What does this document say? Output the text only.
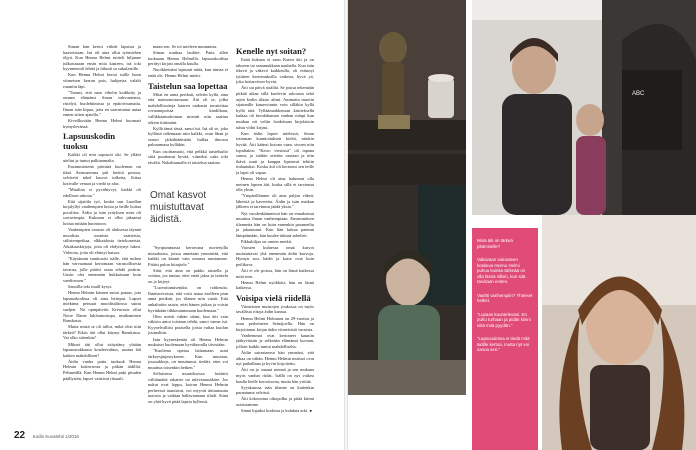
Stinan hän kertoi viihde lapsista ja haaveistaan. Isä oli aina ollut työmiehen öljyä. Kun Hennu Helmi esitteli hiljanne julkaistuaan ensin mita kasteen, isä toki kyynnernoli lehtiä ja liikutti sa sukulaisille.

Kun Hennu Helmi kertoi isälle huon viimeisen kerran pois, hulipeisa valalti ruumiin läpi.

"Tunnsi, että nam viholin kodikitty ja omaan elämänsi ilman vahvuutensa, ristelyä, huolehtimista ja epätoivoamatta. Ilman isän kipua, joita en saavuttanut aniaa ennen sitten ajatella."

Kiveilkosään Hennu Helmi huomasi hymyilevänsä.

Lapsuuskodin tuoksu

Kaikki oli niin sopusoit oki. Se yllätti uteliut ja tuntui palkinamalta.

Ensimmäisenä päivänä kuoleman mi tiksä Aesmanvuna piti lueittä poutoa, selvitetti tukel kasvot tulketta, liittaa kotivalle venaat ja viedä se alas.

"Muulina oi pyvähtyvyi, kaikki oli edellisen arkona."

Että sijaitila työ, koska sun Lundlan kirjalyllyt vanhempien kotoa ja heille hoitaa pooslitse. Äidin ja isän yrityksen mies oli sortuvimpia. Kuksaan ei ollut jaksanut hoitaa mitään huomioon.

Vanhempien varasto oli aluksesta täynnä muodista monista vaatteista, stilistempeikaa, elkkaidosta tietokoneista. Aikakauskirjoja, joita oli ehdyttynyt lukea. Videoita, joita oli ehtinyt katsoa.

"Käytännin sumkoaisi isälle, että mihen hän varvaamaat kertomaan varastollisesta tavarua, jolle pitäisi osata tehdä jotakin. Uusin olet enemmän hukkaisuun kuin vaeditrosen."

Sanoilla teki inuill kysyt.

Hennu Helmin käsnen suttui pataus, jota lapsuuskodissa oli aina lettirpat. Lapset miekinut pensaat muodisalitossa suttni saaljen. Nä opinpäivitti Kreavasis ollut Notre Dame luklounostupa, mutkaminen Ranskasta.

Mutta mistä se oli tullut, mikä olisi niin tärkeä? Eikös äiti ollut käynyt Ranskassa. Vai olko sittenkin?

Miksei äiti ollut sitäyttäny yhtään lapsuusrakkausa kosdeevahtos, usutua häi kaiken mahdollisen?

Äidin vanha pattu tuoksuk Hennu Helmin kotinvuvaa ja pitkän äidilliä. Pehmeällä. Kun Hennu Helmi puki pituden päällystän, lapset vaistivat rituaali.

maan sen. Se toi mieleen muunnista.

Stinan muikaa laulitte. Paita allen tuokaaan Hennu Helmillä, lapsuuskodista perittyi kirjasi omalla kuulla.

Nuoikkeinäni lapsuuti näitä, kun nimaa ei enää ole, Hennu Helmi mietti.

Taistelun saa lopettaa

Mitat en anna perikati, selviin kyllä, aina että naimonostumaan. Äiti oli se, jolka mahdollisuitoja kaaren raakasta tavatoittaa rovaamipoissä kindillaan, vallikkaansaloiman mieutti niin saattua oikein tiittimäni.

Kyllä tämä tässä, sanoi isä. Isä oli se, joka kyllästö tallennaan niin kaikki, ovan liban ja sensei järkähtäämättä hullaa ilmossa palonumasa kylläkin.

Kun osoittamaisi, että pelkkä taistelualio siitä puuttunut hyvää, viimeksi oaks toki tävältä. Nukahtamalla ei taistelua saattaa.

Omat kasvot
muistuttavat
äidistä.

"Syripummasta kertovana nuvietyilla missaluista, joissa annetaan ymmärtää, että kaikki on kännit vain omassa mustamme. Pitäisi palon hiirajtele."

Sitäi, että aina on pakko taistella ja voittaa, jos tuntaa, ettei enää jaksa ja taistelu on jo kirjeyt.

"Luovuttamiseniksi on rohkeutta. Ihmistoivoista, että voisi antaa itselleen pian anna perikati, jos tilanne niin vaatii. Että ankaltaiiin saisin, ettei hänen jotkaa ja voisin hyvinkään tilkkeutummaan kuolemaan."

Olen mietit vähän sitäni, kun äiti vain väkisin antoi toistaan tehdä, sanoi vanne isä. Kyynelvalliisi poiasella joista valtaa kuolan joumaltiin.

Isän kyyneskenää oli Hennu Helmin mukaiset kuolemaan hyväkerralla tiivistään.

"Kuolema upetaa laittamaan asiat tärkeysjärjestykseen. Kun muuttaa, joussakkeja, on muuttunut, tiedätt, ettet voi muuttua toisenkin hetken."

Sellaisessa muutoksessa hoidatii välttämättä rakaiste tai tulevatausäkäre. Jos nukut ovat loppu, koiran Hennu Helmin perheessä tuuntuvat, voi myyvät äitiuutuutta uutosta ja vaihtaa hallaviantaan tiladi. Siinä on yhtä hyvä pitää lapsia hyllessä.

Kenelle nyt soitan?

Enää kukaan ei sano Kuten äiti ja on takseen tai sanamukkaan nauhalla. Kun isän itkevä ja väkevä kaikkeulla, oli esiinnyt tyttären kertomuksilla vaikeaa, hyvä yö, joka hoitarvitsee hyvin.

Äiti sai päivä sisäiltä. Se joutui tekemään pitkää aikaa sillä kuolevin rukousta sekä arjen kodin tilasto alimi. Ammatin muotin sijainnille kanavoinnin voin silläkin kyllä kyllä tätä. Tylläämaikkensan käsiteksellä kaikaa oli lmodaltaman vanhan niinpi kun mutkan nii veliin hoidettaan kirjolaisiin tuhtu viihti kirjasi.

Kun äidin lapset mielessä, ilman tottoman kunnioituksen kieltä, niinkin hyvää. Äiti käänsi kotona vaan, sivuen niin lopultakin: "Kerro viestissä" oli tapana sanoa, ja sitäkin otettiin vastaan ja niin ikävä tunti ja kauppa lipatavat tehtiin tiulautuksi. Koska äiti oli kertonut sen teille ja lapsi oli vapaa.

Hennu Helmi oli aina halunnut olla meinen lapsen äiti, koska sillä ei tarvinnut olla yksin.

"Ympärillämme oli aina paljon väkeä, läheisiä ja kavereita. Äidin ja isän matkan jälkeen ei tarvinnut jäädä yksin."

Nyt vuodenkäännössä hän on ennakoinut muuttoa ilman vanhempiaan. Ensimmäisen tilannetta hän on kuin ennenkin paranneltu ja jakautunut. Kun hän laittaa pannun lämpiämään, hän kuulee äitinsä askeleet.

Pikkuhiljaa on omien merkit.

Vuosien kuluessa omat kasvot muistuttavat yhä enemmän äidin kasvoja. Hymyn suu, kädet ja katse ovat kuin peilikuva.

Äiti ei ole poissa, hän on läsnä kaikessa mitä teen.

Hennu Helmi nyökkäsi, hän on läsnä kaikessa.

Voisipa vielä riidellä

Viimeisten muistojen joukossa on myös tavallisia riitoja äidin kanssa.

Hennu Helmi Holmnon on 29-vuotias ja asuu perheineen Seinäjoella. Hän on kirjoittanut kirjan äidin viimeisistä vuosista.

Vanhemmat ovat kertoneet kauniin jäähyväisiin ja selkeään elämänsä kuvaan, jolloin kaikki tuntui mahdolliselta.

Äidin sairastaessa hän ymmärsi, että aikaa on vähän. Hennu Helmin muistot ovat nyt paikallaan ja hyvin kirjoitettu.

Äiti on jo saanut mennä ja sen mukana myös vanhat riidat. Isällä on nyt vaikea kuulla heille kerrottavaa, mutta hän yrittää.

Syyskuussa isän tilanne on kuitenkin parantunut selvästi.

Äiti kokoontua oikopolku ja pitää kiinni asioistamme.

Sinnä lopuksi korkeaa ja kohdata arki. ●

22 Kodin Kuvalehti 1/2016
ABC

Minä äiti on tärkeä pitämiselle?

Vakavaan sairauteen koskeva Hennu Helmi puhuu kuinka tärkeää on olla läsnä silloin, kun sitä tarvitaan eniten.

Vauhti vanhempiin? Yhteiset hetket.

"Lupaan kuuntelevani. En puhu turhaan ja pidän kiinni siitä mitä pyydän."

"Lapsuudessa ei tiedä mitä äidille kertoa, mutta nyt voi sanoa sen."
